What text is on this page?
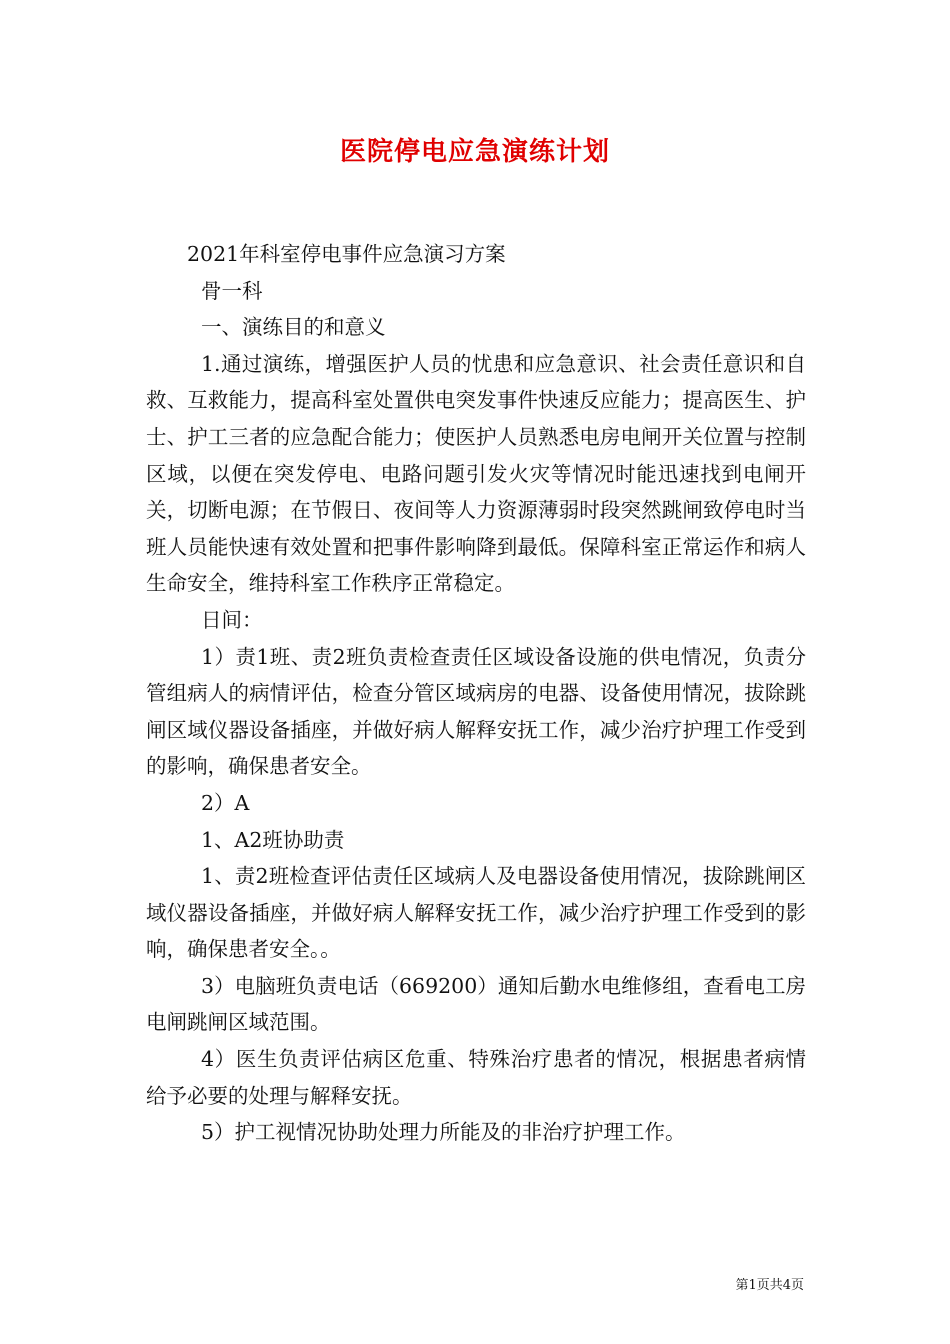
医院停电应急演练计划

2021年科室停电事件应急演习方案

骨一科

一、演练目的和意义

1.通过演练，增强医护人员的忧患和应急意识、社会责任意识和自救、互救能力，提高科室处置供电突发事件快速反应能力；提高医生、护士、护工三者的应急配合能力；使医护人员熟悉电房电闸开关位置与控制区域，以便在突发停电、电路问题引发火灾等情况时能迅速找到电闸开关，切断电源；在节假日、夜间等人力资源薄弱时段突然跳闸致停电时当班人员能快速有效处置和把事件影响降到最低。保障科室正常运作和病人生命安全，维持科室工作秩序正常稳定。

日间：

1）责1班、责2班负责检查责任区域设备设施的供电情况，负责分管组病人的病情评估，检查分管区域病房的电器、设备使用情况，拔除跳闸区域仪器设备插座，并做好病人解释安抚工作，减少治疗护理工作受到的影响，确保患者安全。

2）A

1、A2班协助责

1、责2班检查评估责任区域病人及电器设备使用情况，拔除跳闸区域仪器设备插座，并做好病人解释安抚工作，减少治疗护理工作受到的影响，确保患者安全。。

3）电脑班负责电话（669200）通知后勤水电维修组，查看电工房电闸跳闸区域范围。

4）医生负责评估病区危重、特殊治疗患者的情况，根据患者病情给予必要的处理与解释安抚。

5）护工视情况协助处理力所能及的非治疗护理工作。

第1页共4页
